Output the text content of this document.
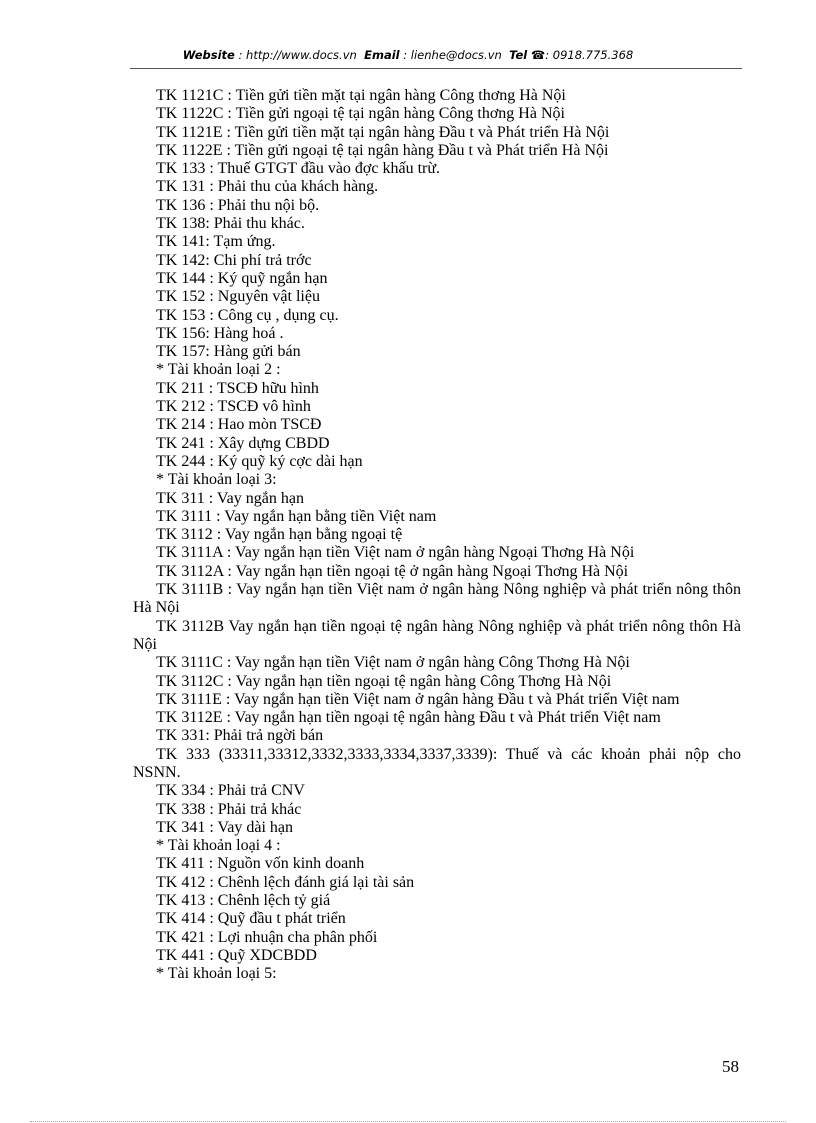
Website : http://www.docs.vn Email : lienhe@docs.vn Tel ☎: 0918.775.368
TK 1121C : Tiền gửi tiền mặt tại ngân hàng Công thơng Hà Nội
TK 1122C : Tiền gửi ngoại tệ tại ngân hàng Công thơng Hà Nội
TK 1121E : Tiền gửi tiền mặt tại ngân hàng Đầu t và Phát triển Hà Nội
TK 1122E : Tiền gửi ngoại tệ tại ngân hàng Đầu t và Phát triển Hà Nội
TK 133 : Thuế GTGT đầu vào đợc khấu trừ.
TK 131 : Phải thu của khách hàng.
TK 136 : Phải thu nội bộ.
TK 138: Phải thu khác.
TK 141: Tạm ứng.
TK 142: Chi phí trả trớc
TK 144 : Ký quỹ ngắn hạn
TK 152 : Nguyên vật liệu
TK 153 : Công cụ , dụng cụ.
TK 156: Hàng hoá .
TK 157: Hàng gửi bán
* Tài khoản loại 2 :
TK 211 : TSCĐ hữu hình
TK 212 : TSCĐ vô hình
TK 214 : Hao mòn TSCĐ
TK 241 : Xây dựng CBDD
TK 244 : Ký quỹ ký cợc dài hạn
* Tài khoản loại 3:
TK 311 : Vay ngắn hạn
TK 3111 : Vay ngắn hạn bằng tiền Việt nam
TK 3112 : Vay ngắn hạn bằng ngoại tệ
TK 3111A : Vay ngắn hạn tiền Việt nam ở ngân hàng Ngoại Thơng Hà Nội
TK 3112A : Vay ngắn hạn tiền ngoại tệ ở ngân hàng Ngoại Thơng Hà Nội
TK 3111B : Vay ngắn hạn tiền Việt nam ở ngân hàng Nông nghiệp và phát triển nông thôn Hà Nội
TK 3112B Vay ngắn hạn tiền ngoại tệ ngân hàng Nông nghiệp và phát triển nông thôn Hà Nội
TK 3111C : Vay ngắn hạn tiền Việt nam ở ngân hàng Công Thơng Hà Nội
TK 3112C : Vay ngắn hạn tiền ngoại tệ ngân hàng Công Thơng Hà Nội
TK 3111E : Vay ngắn hạn tiền Việt nam ở ngân hàng Đầu t và Phát triển Việt nam
TK 3112E : Vay ngắn hạn tiền ngoại tệ ngân hàng Đầu t và Phát triển Việt nam
TK 331: Phải trả ngời bán
TK 333 (33311,33312,3332,3333,3334,3337,3339): Thuế và các khoản phải nộp cho NSNN.
TK 334 : Phải trả CNV
TK 338 : Phải trả khác
TK 341 : Vay dài hạn
* Tài khoản loại 4 :
TK 411 : Nguồn vốn kinh doanh
TK 412 : Chênh lệch đánh giá lại tài sản
TK 413 : Chênh lệch tỷ giá
TK 414 : Quỹ đầu t phát triển
TK 421 : Lợi nhuận cha phân phối
TK 441 : Quỹ XDCBDD
* Tài khoản loại 5:
58
